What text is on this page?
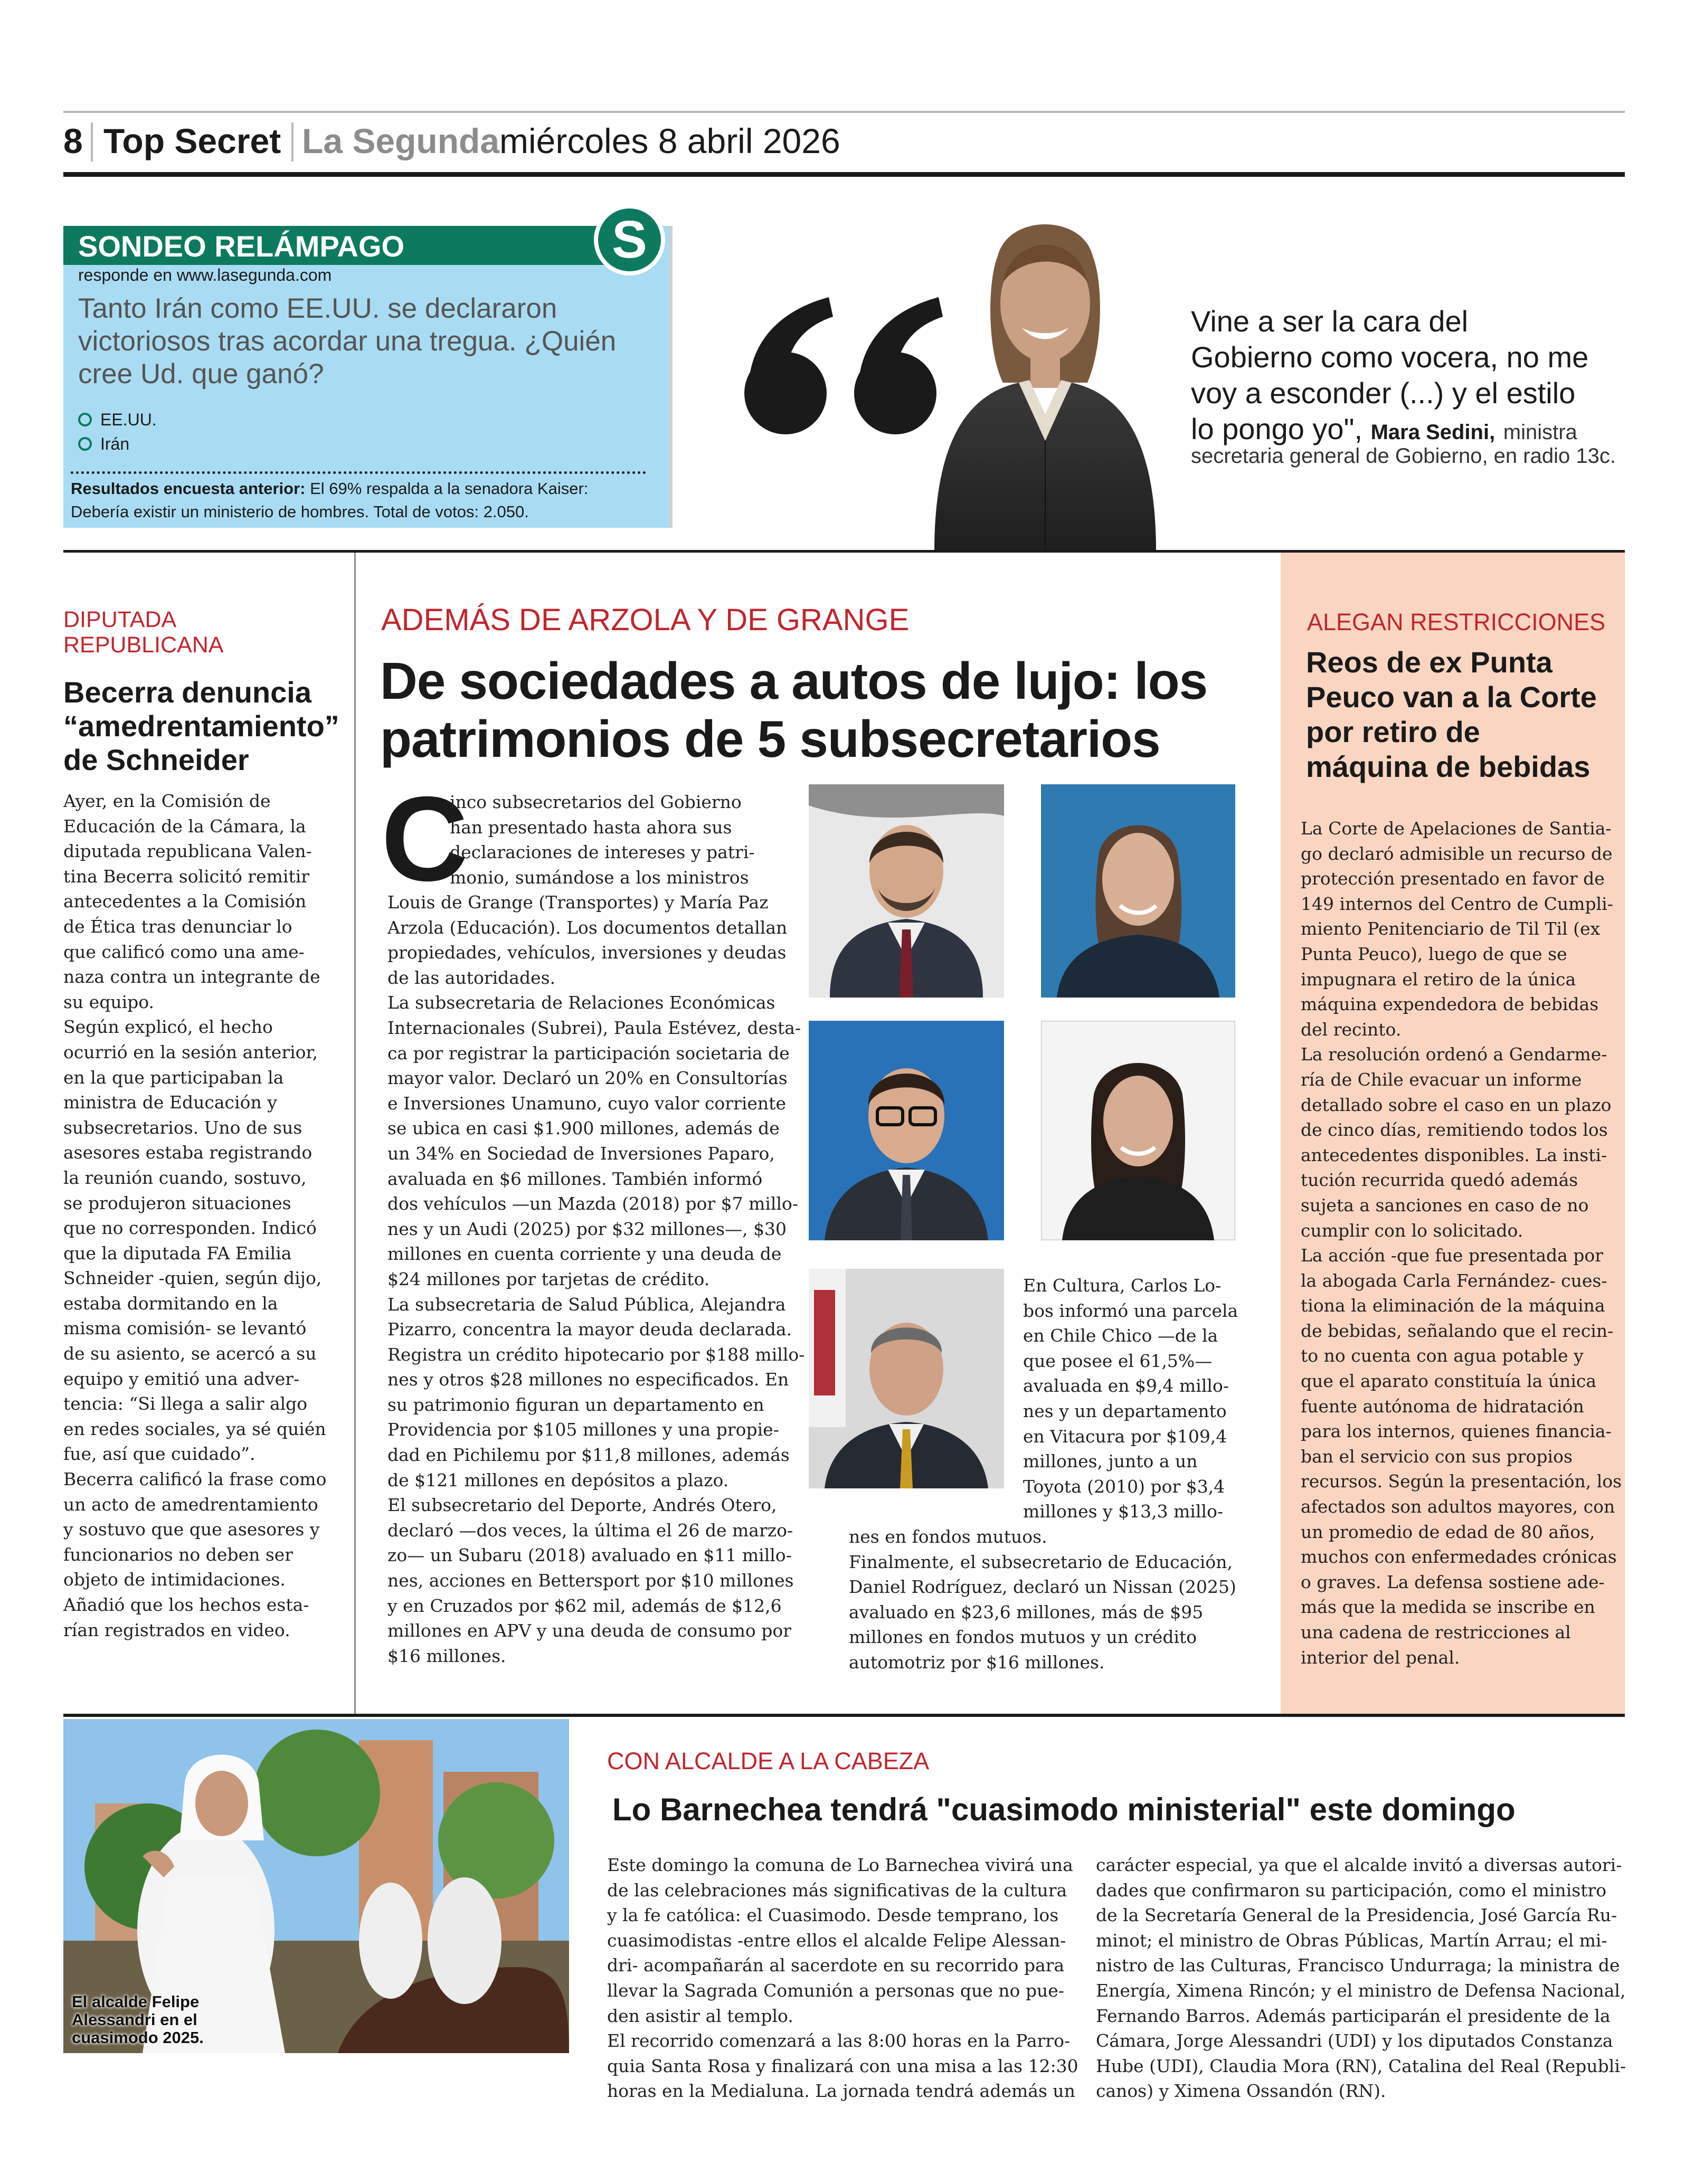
8 Top Secret La Segunda miércoles 8 abril 2026
SONDEO RELÁMPAGO	S
responde en www.lasegunda.com
Tanto Irán como EE.UU. se declararon
victoriosos tras acordar una tregua. ¿Quién
cree Ud. que ganó?
EE.UU.
Irán
Resultados encuesta anterior: El 69% respalda a la senadora Kaiser:
Debería existir un ministerio de hombres. Total de votos: 2.050.
Vine a ser la cara del
Gobierno como vocera, no me
voy a esconder (...) y el estilo
lo pongo yo", Mara Sedini, ministra
secretaria general de Gobierno, en radio 13c.
DIPUTADA
REPUBLICANA
Becerra denuncia
“amedrentamiento”
de Schneider
Ayer, en la Comisión de
Educación de la Cámara, la
diputada republicana Valen-
tina Becerra solicitó remitir
antecedentes a la Comisión
de Ética tras denunciar lo
que calificó como una ame-
naza contra un integrante de
su equipo.
Según explicó, el hecho
ocurrió en la sesión anterior,
en la que participaban la
ministra de Educación y
subsecretarios. Uno de sus
asesores estaba registrando
la reunión cuando, sostuvo,
se produjeron situaciones
que no corresponden. Indicó
que la diputada FA Emilia
Schneider -quien, según dijo,
estaba dormitando en la
misma comisión- se levantó
de su asiento, se acercó a su
equipo y emitió una adver-
tencia: “Si llega a salir algo
en redes sociales, ya sé quién
fue, así que cuidado”.
Becerra calificó la frase como
un acto de amedrentamiento
y sostuvo que que asesores y
funcionarios no deben ser
objeto de intimidaciones.
Añadió que los hechos esta-
rían registrados en video.
ADEMÁS DE ARZOLA Y DE GRANGE
De sociedades a autos de lujo: los
patrimonios de 5 subsecretarios
C
inco subsecretarios del Gobierno
han presentado hasta ahora sus
declaraciones de intereses y patri-
monio, sumándose a los ministros
Louis de Grange (Transportes) y María Paz
Arzola (Educación). Los documentos detallan
propiedades, vehículos, inversiones y deudas
de las autoridades.
La subsecretaria de Relaciones Económicas
Internacionales (Subrei), Paula Estévez, desta-
ca por registrar la participación societaria de
mayor valor. Declaró un 20% en Consultorías
e Inversiones Unamuno, cuyo valor corriente
se ubica en casi $1.900 millones, además de
un 34% en Sociedad de Inversiones Paparo,
avaluada en $6 millones. También informó
dos vehículos —un Mazda (2018) por $7 millo-
nes y un Audi (2025) por $32 millones—, $30
millones en cuenta corriente y una deuda de
$24 millones por tarjetas de crédito.
La subsecretaria de Salud Pública, Alejandra
Pizarro, concentra la mayor deuda declarada.
Registra un crédito hipotecario por $188 millo-
nes y otros $28 millones no especificados. En
su patrimonio figuran un departamento en
Providencia por $105 millones y una propie-
dad en Pichilemu por $11,8 millones, además
de $121 millones en depósitos a plazo.
El subsecretario del Deporte, Andrés Otero,
declaró —dos veces, la última el 26 de marzo-
zo— un Subaru (2018) avaluado en $11 millo-
nes, acciones en Bettersport por $10 millones
y en Cruzados por $62 mil, además de $12,6
millones en APV y una deuda de consumo por
$16 millones.
En Cultura, Carlos Lo-
bos informó una parcela
en Chile Chico —de la
que posee el 61,5%—
avaluada en $9,4 millo-
nes y un departamento
en Vitacura por $109,4
millones, junto a un
Toyota (2010) por $3,4
millones y $13,3 millo-
nes en fondos mutuos.
Finalmente, el subsecretario de Educación,
Daniel Rodríguez, declaró un Nissan (2025)
avaluado en $23,6 millones, más de $95
millones en fondos mutuos y un crédito
automotriz por $16 millones.
ALEGAN RESTRICCIONES
Reos de ex Punta
Peuco van a la Corte
por retiro de
máquina de bebidas
La Corte de Apelaciones de Santia-
go declaró admisible un recurso de
protección presentado en favor de
149 internos del Centro de Cumpli-
miento Penitenciario de Til Til (ex
Punta Peuco), luego de que se
impugnara el retiro de la única
máquina expendedora de bebidas
del recinto.
La resolución ordenó a Gendarme-
ría de Chile evacuar un informe
detallado sobre el caso en un plazo
de cinco días, remitiendo todos los
antecedentes disponibles. La insti-
tución recurrida quedó además
sujeta a sanciones en caso de no
cumplir con lo solicitado.
La acción -que fue presentada por
la abogada Carla Fernández- cues-
tiona la eliminación de la máquina
de bebidas, señalando que el recin-
to no cuenta con agua potable y
que el aparato constituía la única
fuente autónoma de hidratación
para los internos, quienes financia-
ban el servicio con sus propios
recursos. Según la presentación, los
afectados son adultos mayores, con
un promedio de edad de 80 años,
muchos con enfermedades crónicas
o graves. La defensa sostiene ade-
más que la medida se inscribe en
una cadena de restricciones al
interior del penal.
El alcalde Felipe
Alessandri en el
cuasimodo 2025.
CON ALCALDE A LA CABEZA
Lo Barnechea tendrá "cuasimodo ministerial" este domingo
Este domingo la comuna de Lo Barnechea vivirá una
de las celebraciones más significativas de la cultura
y la fe católica: el Cuasimodo. Desde temprano, los
cuasimodistas -entre ellos el alcalde Felipe Alessan-
dri- acompañarán al sacerdote en su recorrido para
llevar la Sagrada Comunión a personas que no pue-
den asistir al templo.
El recorrido comenzará a las 8:00 horas en la Parro-
quia Santa Rosa y finalizará con una misa a las 12:30
horas en la Medialuna. La jornada tendrá además un
carácter especial, ya que el alcalde invitó a diversas autori-
dades que confirmaron su participación, como el ministro
de la Secretaría General de la Presidencia, José García Ru-
minot; el ministro de Obras Públicas, Martín Arrau; el mi-
nistro de las Culturas, Francisco Undurraga; la ministra de
Energía, Ximena Rincón; y el ministro de Defensa Nacional,
Fernando Barros. Además participarán el presidente de la
Cámara, Jorge Alessandri (UDI) y los diputados Constanza
Hube (UDI), Claudia Mora (RN), Catalina del Real (Republi-
canos) y Ximena Ossandón (RN).
